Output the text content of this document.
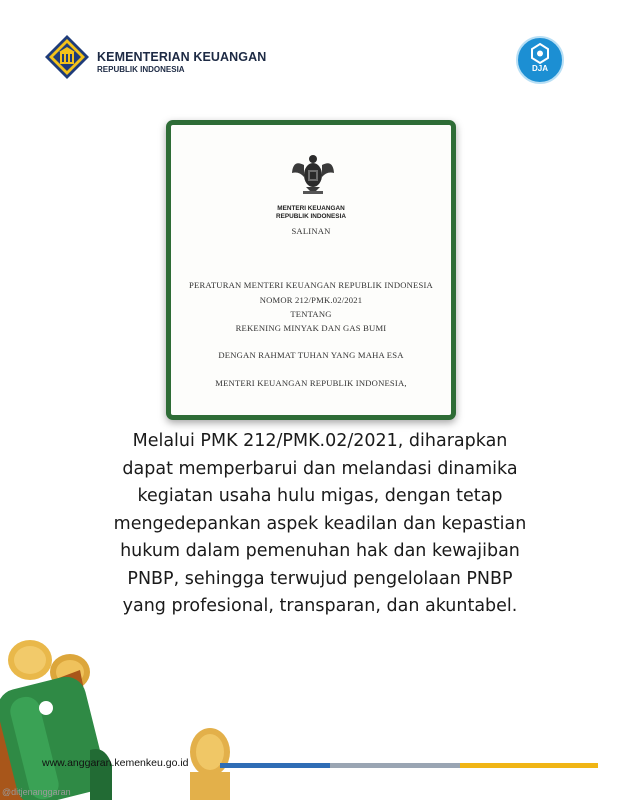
KEMENTERIAN KEUANGAN
REPUBLIK INDONESIA	DJA
MENTERI KEUANGAN
REPUBLIK INDONESIA
SALINAN
PERATURAN MENTERI KEUANGAN REPUBLIK INDONESIA
NOMOR 212/PMK.02/2021
TENTANG
REKENING MINYAK DAN GAS BUMI
DENGAN RAHMAT TUHAN YANG MAHA ESA
MENTERI KEUANGAN REPUBLIK INDONESIA,

Melalui PMK 212/PMK.02/2021, diharapkan

dapat memperbarui dan melandasi dinamika

kegiatan usaha hulu migas, dengan tetap

mengedepankan aspek keadilan dan kepastian

hukum dalam pemenuhan hak dan kewajiban

PNBP, sehingga terwujud pengelolaan PNBP

yang profesional, transparan, dan akuntabel.

www.anggaran.kemenkeu.go.id
@ditjenanggaran
